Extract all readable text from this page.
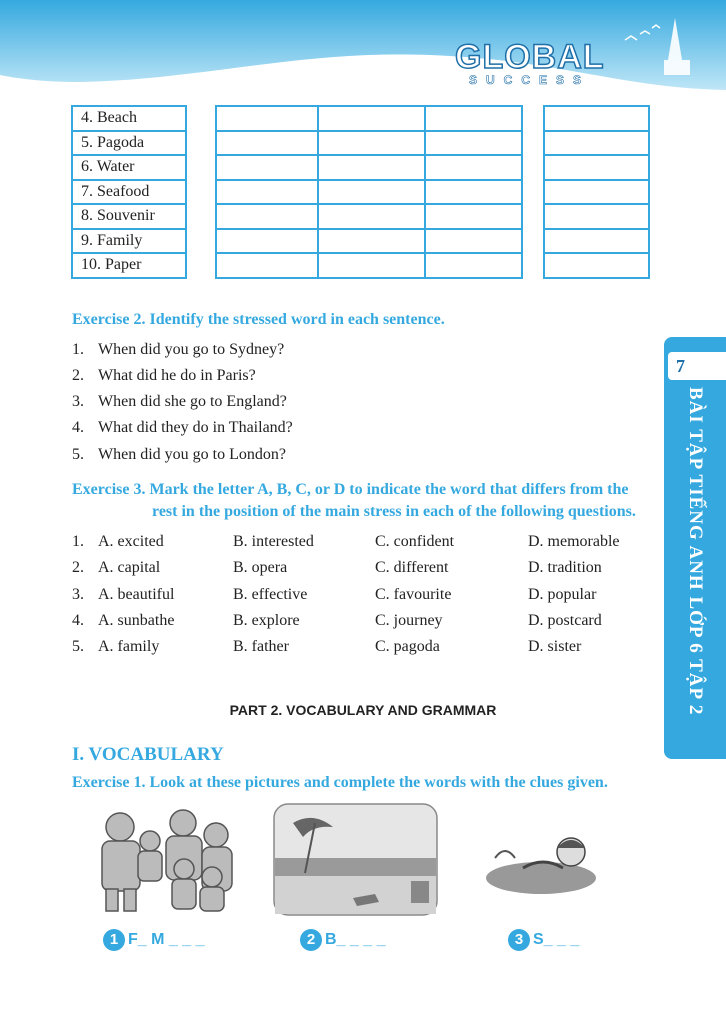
GLOBAL
SUCCESS
4. Beach
5. Pagoda
6. Water
7. Seafood
8. Souvenir
9. Family
10. Paper

Exercise 2. Identify the stressed word in each sentence.
1. When did you go to Sydney?
2. What did he do in Paris?
3. When did she go to England?
4. What did they do in Thailand?
5. When did you go to London?
Exercise 3. Mark the letter A, B, C, or D to indicate the word that differs from the
rest in the position of the main stress in each of the following questions.
1. A. excited	B. interested	C. confident	D. memorable
2. A. capital	B. opera	C. different	D. tradition
3. A. beautiful	B. effective	C. favourite	D. popular
4. A. sunbathe	B. explore	C. journey	D. postcard
5. A. family	B. father	C. pagoda	D. sister
7
BÀI TẬP TIẾNG ANH LỚP 6 TẬP 2
PART 2. VOCABULARY AND GRAMMAR
I. VOCABULARY
Exercise 1. Look at these pictures and complete the words with the clues given.
1 F_ M _ _ _	2 B_ _ _ _	3 S_ _ _
